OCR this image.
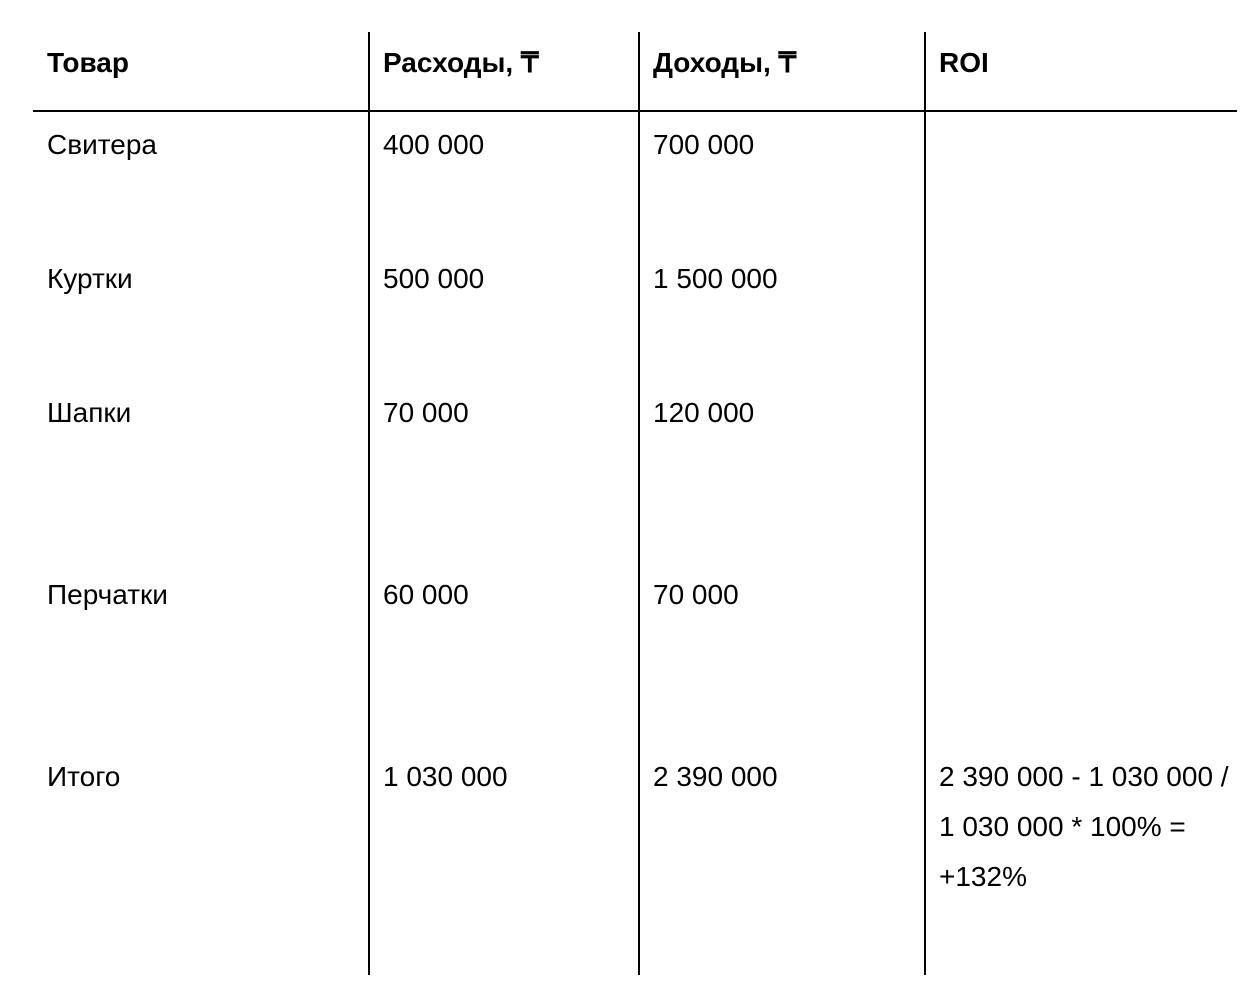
Товар	Расходы, ₸	Доходы, ₸	ROI
Свитера	400 000	700 000
Куртки	500 000	1 500 000
Шапки	70 000	120 000
Перчатки	60 000	70 000
Итого	1 030 000	2 390 000	2 390 000 - 1 030 000 / 1 030 000 * 100% = +132%
